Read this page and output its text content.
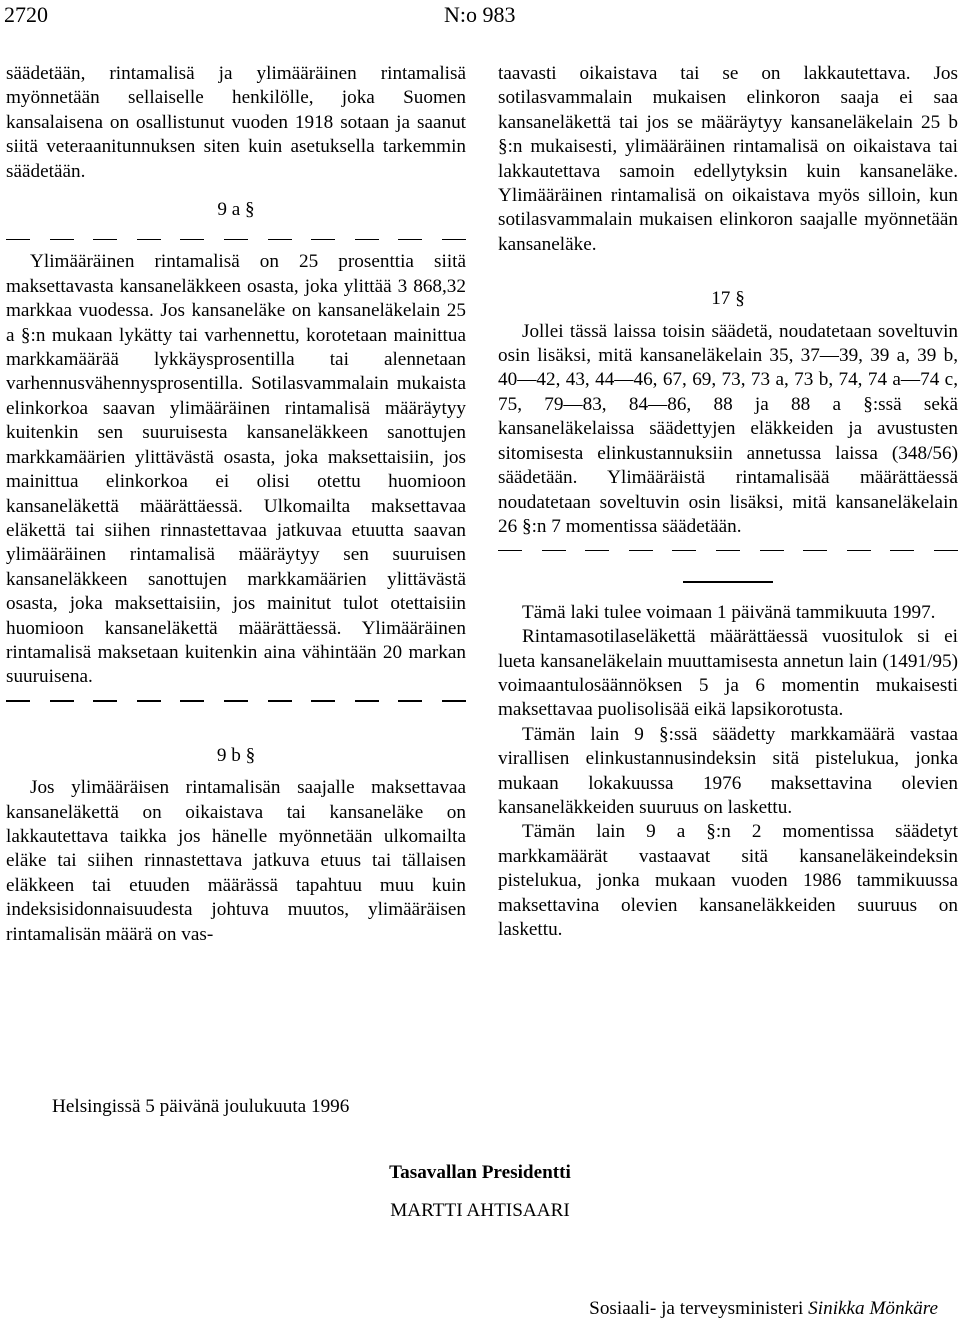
2720	N:o 983

säädetään, rintamalisä ja ylimääräinen rintamalisä myönnetään sellaiselle henkilölle, joka Suomen kansalaisena on osallistunut vuoden 1918 sotaan ja saanut siitä veteraanitunnuksen siten kuin asetuksella tarkemmin säädetään.

9 a §

Ylimääräinen rintamalisä on 25 prosenttia siitä maksettavasta kansaneläkkeen osasta, joka ylittää 3 868,32 markkaa vuodessa. Jos kansaneläke on kansaneläkelain 25 a §:n mukaan lykätty tai varhennettu, korotetaan mainittua markkamäärää lykkäysprosentilla tai alennetaan varhennusvähennysprosentilla. Sotilasvammalain mukaista elinkorkoa saavan ylimääräinen rintamalisä määräytyy kuitenkin sen suuruisesta kansaneläkkeen sanottujen markkamäärien ylittävästä osasta, joka maksettaisiin, jos mainittua elinkorkoa ei olisi otettu huomioon kansaneläkettä määrättäessä. Ulkomailta maksettavaa eläkettä tai siihen rinnastettavaa jatkuvaa etuutta saavan ylimääräinen rintamalisä määräytyy sen suuruisen kansaneläkkeen sanottujen markkamäärien ylittävästä osasta, joka maksettaisiin, jos mainitut tulot otettaisiin huomioon kansaneläkettä määrättäessä. Ylimääräinen rintamalisä maksetaan kuitenkin aina vähintään 20 markan suuruisena.

9 b §

Jos ylimääräisen rintamalisän saajalle maksettavaa kansaneläkettä on oikaistava tai kansaneläke on lakkautettava taikka jos hänelle myönnetään ulkomailta eläke tai siihen rinnastettava jatkuva etuus tai tällaisen eläkkeen tai etuuden määrässä tapahtuu muu kuin indeksisidonnaisuudesta johtuva muutos, ylimääräisen rintamalisän määrä on vas-

taavasti oikaistava tai se on lakkautettava. Jos sotilasvammalain mukaisen elinkoron saaja ei saa kansaneläkettä tai jos se määräytyy kansaneläkelain 25 b §:n mukaisesti, ylimääräinen rintamalisä on oikaistava tai lakkautettava samoin edellytyksin kuin kansaneläke. Ylimääräinen rintamalisä on oikaistava myös silloin, kun sotilasvammalain mukaisen elinkoron saajalle myönnetään kansaneläke.

17 §

Jollei tässä laissa toisin säädetä, noudatetaan soveltuvin osin lisäksi, mitä kansaneläkelain 35, 37—39, 39 a, 39 b, 40—42, 43, 44—46, 67, 69, 73, 73 a, 73 b, 74, 74 a—74 c, 75, 79—83, 84—86, 88 ja 88 a §:ssä sekä kansaneläkelaissa säädettyjen eläkkeiden ja avustusten sitomisesta elinkustannuksiin annetussa laissa (348/56) säädetään. Ylimääräistä rintamalisää määrättäessä noudatetaan soveltuvin osin lisäksi, mitä kansaneläkelain 26 §:n 7 momentissa säädetään.

Tämä laki tulee voimaan 1 päivänä tammikuuta 1997.

Rintamasotilaseläkettä määrättäessä vuositulok si ei lueta kansaneläkelain muuttamisesta annetun lain (1491/95) voimaantulosäännöksen 5 ja 6 momentin mukaisesti maksettavaa puolisolisää eikä lapsikorotusta.

Tämän lain 9 §:ssä säädetty markkamäärä vastaa virallisen elinkustannusindeksin sitä pistelukua, jonka mukaan lokakuussa 1976 maksettavina olevien kansaneläkkeiden suuruus on laskettu.

Tämän lain 9 a §:n 2 momentissa säädetyt markkamäärät vastaavat sitä kansaneläkeindeksin pistelukua, jonka mukaan vuoden 1986 tammikuussa maksettavina olevien kansaneläkkeiden suuruus on laskettu.

Helsingissä 5 päivänä joulukuuta 1996
Tasavallan Presidentti
MARTTI AHTISAARI
Sosiaali- ja terveysministeri Sinikka Mönkäre
